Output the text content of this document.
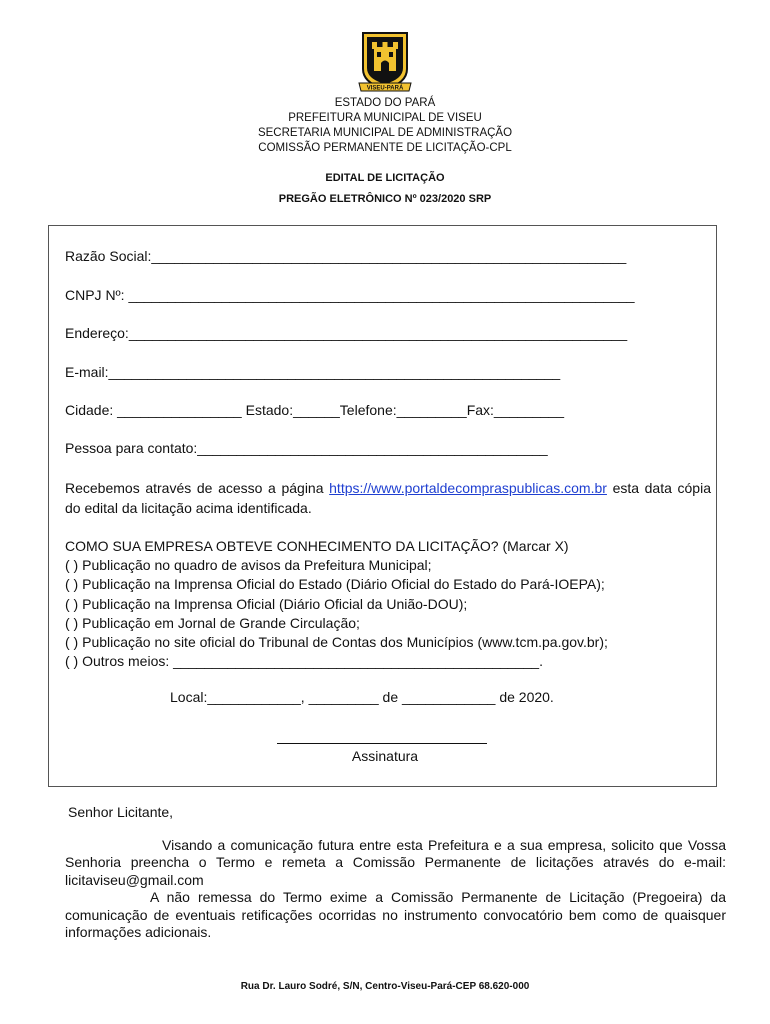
VISEU-PARÁ
ESTADO DO PARÁ
PREFEITURA MUNICIPAL DE VISEU
SECRETARIA MUNICIPAL DE ADMINISTRAÇÃO
COMISSÃO PERMANENTE DE LICITAÇÃO-CPL
EDITAL DE LICITAÇÃO
PREGÃO ELETRÔNICO Nº 023/2020 SRP
Razão Social:_____________________________________________________________
CNPJ Nº: _________________________________________________________________
Endereço:________________________________________________________________
E-mail:__________________________________________________________
Cidade: ________________ Estado:______Telefone:_________Fax:_________
Pessoa para contato:_____________________________________________
Recebemos através de acesso a página https://www.portaldecompraspublicas.com.br esta data cópia do edital da licitação acima identificada.
COMO SUA EMPRESA OBTEVE CONHECIMENTO DA LICITAÇÃO? (Marcar X)
( ) Publicação no quadro de avisos da Prefeitura Municipal;
( ) Publicação na Imprensa Oficial do Estado (Diário Oficial do Estado do Pará-IOEPA);
( ) Publicação na Imprensa Oficial (Diário Oficial da União-DOU);
( ) Publicação em Jornal de Grande Circulação;
( ) Publicação no site oficial do Tribunal de Contas dos Municípios (www.tcm.pa.gov.br);
( ) Outros meios: _______________________________________________.
Local:____________, _________ de ____________ de 2020.
Assinatura
Senhor Licitante,
Visando a comunicação futura entre esta Prefeitura e a sua empresa, solicito que Vossa Senhoria preencha o Termo e remeta a Comissão Permanente de licitações através do e-mail: licitaviseu@gmail.com
A não remessa do Termo exime a Comissão Permanente de Licitação (Pregoeira) da comunicação de eventuais retificações ocorridas no instrumento convocatório bem como de quaisquer informações adicionais.
Rua Dr. Lauro Sodré, S/N, Centro-Viseu-Pará-CEP 68.620-000
